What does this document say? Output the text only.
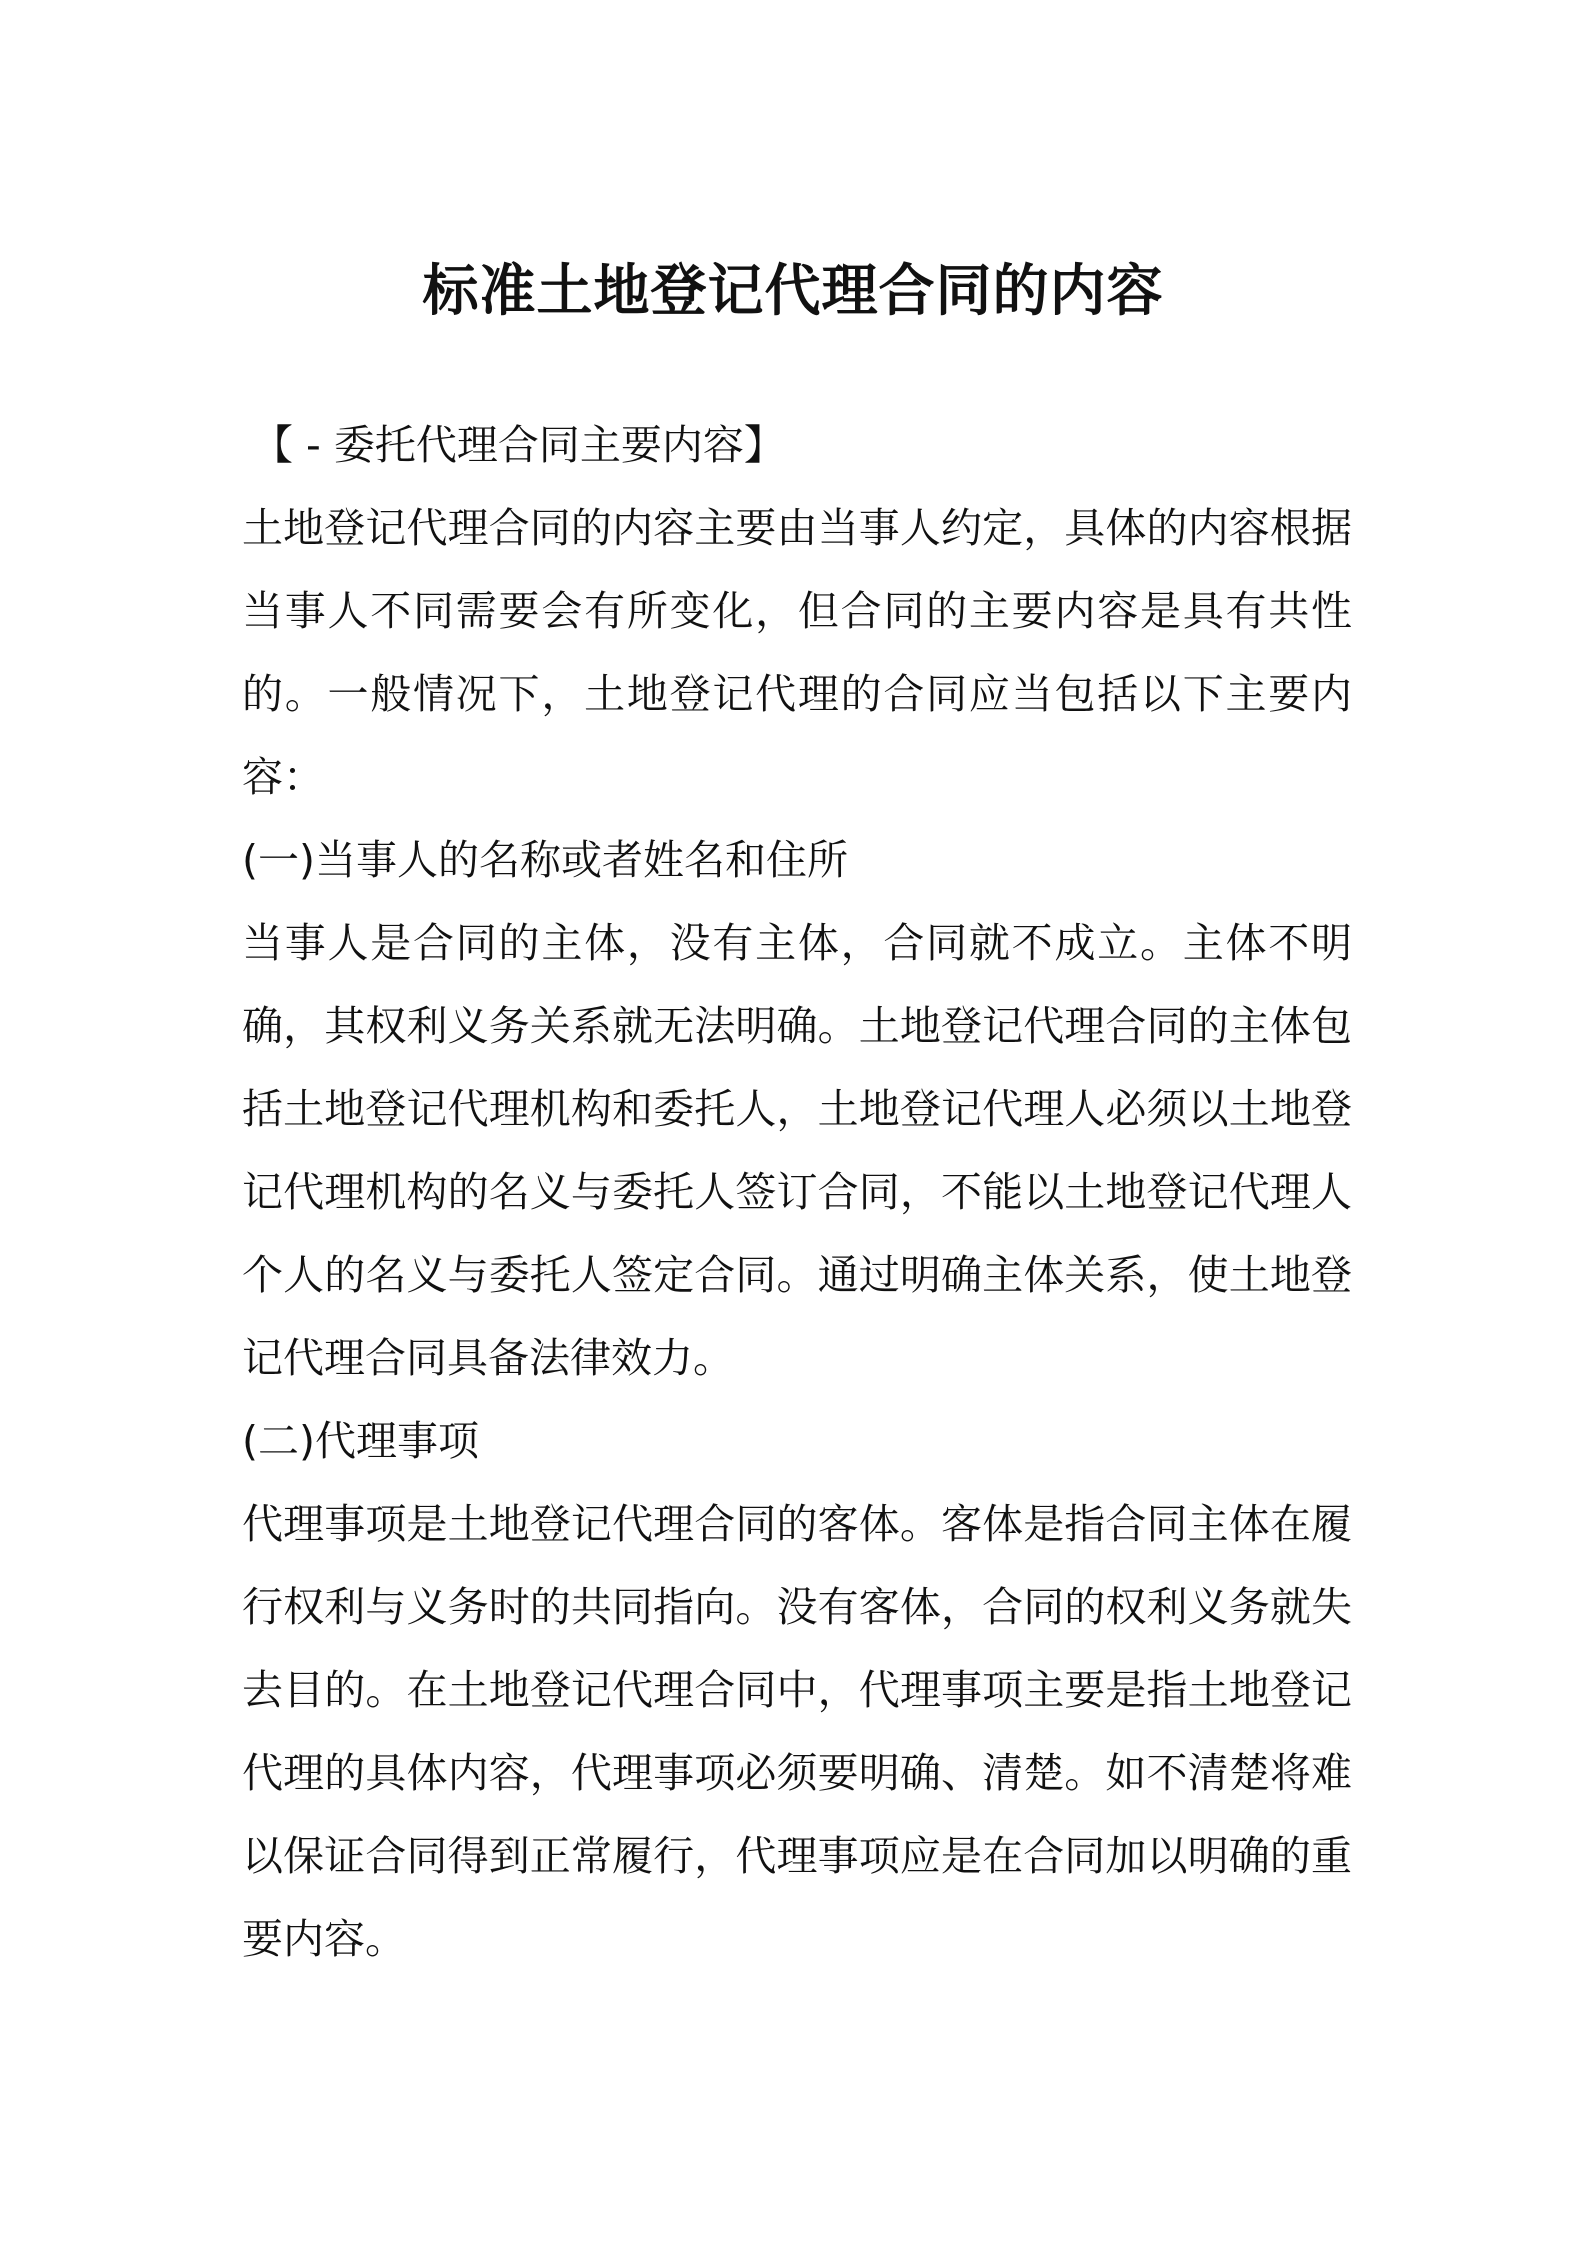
标准土地登记代理合同的内容

【 - 委托代理合同主要内容】

土地登记代理合同的内容主要由当事人约定，具体的内容根据当事人不同需要会有所变化，但合同的主要内容是具有共性的。一般情况下，土地登记代理的合同应当包括以下主要内容：

(一)当事人的名称或者姓名和住所

当事人是合同的主体，没有主体，合同就不成立。主体不明确，其权利义务关系就无法明确。土地登记代理合同的主体包括土地登记代理机构和委托人，土地登记代理人必须以土地登记代理机构的名义与委托人签订合同，不能以土地登记代理人个人的名义与委托人签定合同。通过明确主体关系，使土地登记代理合同具备法律效力。

(二)代理事项

代理事项是土地登记代理合同的客体。客体是指合同主体在履行权利与义务时的共同指向。没有客体，合同的权利义务就失去目的。在土地登记代理合同中，代理事项主要是指土地登记代理的具体内容，代理事项必须要明确、清楚。如不清楚将难以保证合同得到正常履行，代理事项应是在合同加以明确的重要内容。
